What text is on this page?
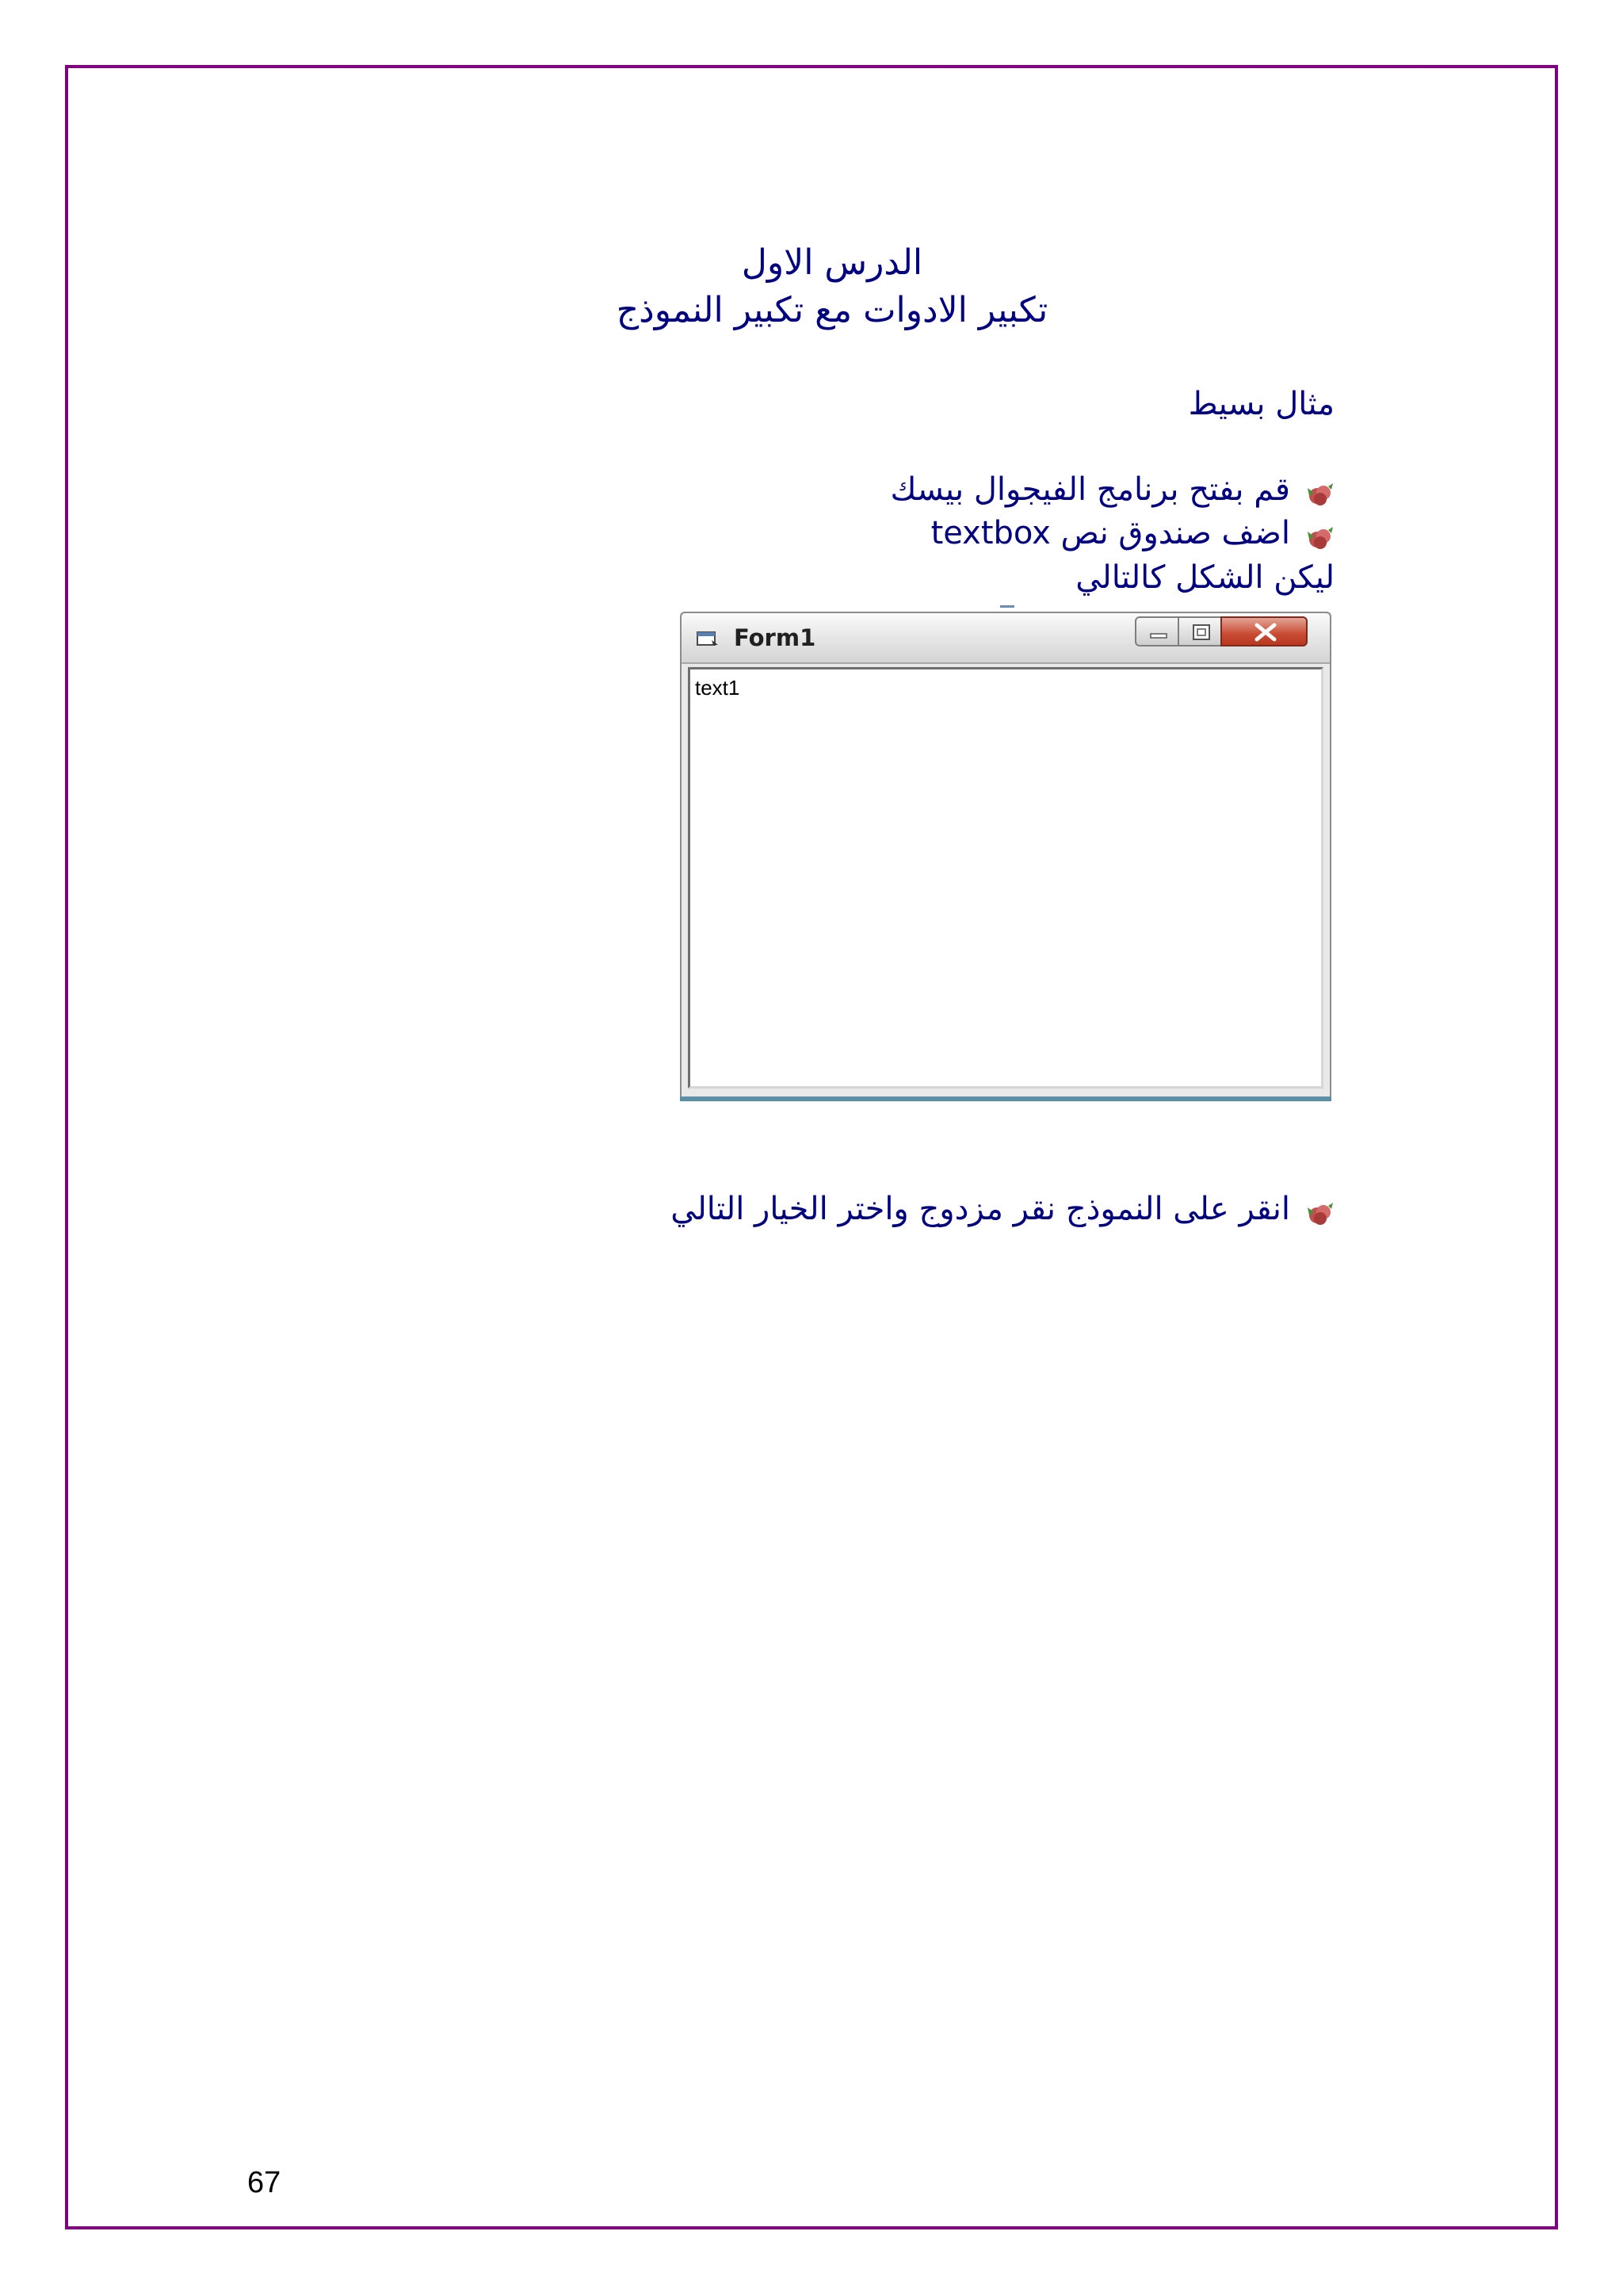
الدرس الاول
تكبير الادوات مع تكبير النموذج
مثال بسيط
قم بفتح برنامج الفيجوال بيسك
اضف صندوق نص textbox
ليكن الشكل كالتالي
Form1
text1
انقر على النموذج نقر مزدوج واختر الخيار التالي
67
